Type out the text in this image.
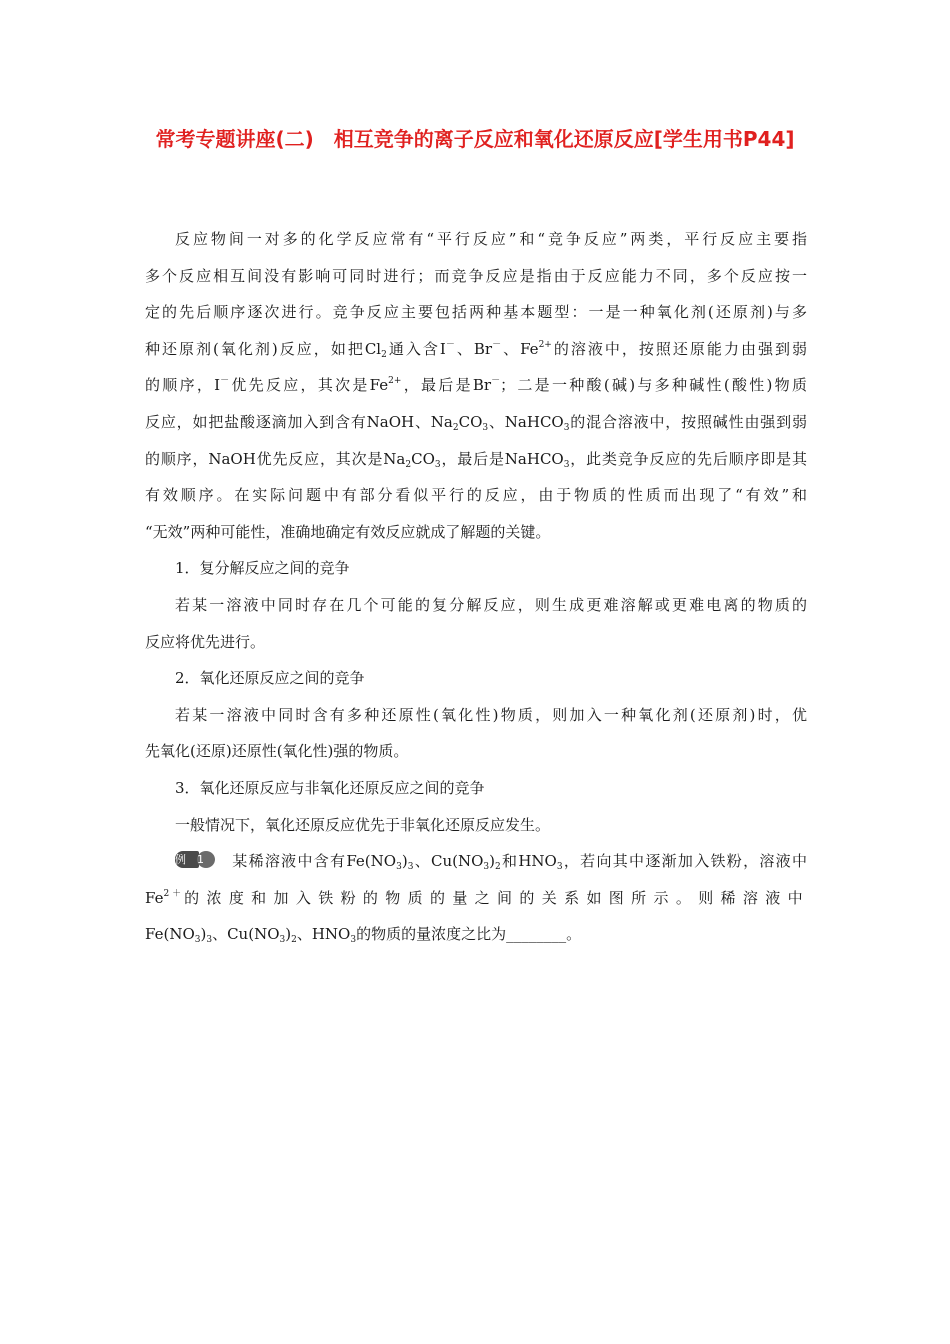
常考专题讲座(二)　相互竞争的离子反应和氧化还原反应[学生用书P44]

反应物间一对多的化学反应常有“平行反应”和“竞争反应”两类，平行反应主要指

多个反应相互间没有影响可同时进行；而竞争反应是指由于反应能力不同，多个反应按一

定的先后顺序逐次进行。竞争反应主要包括两种基本题型：一是一种氧化剂(还原剂)与多

种还原剂(氧化剂)反应，如把$Cl_2$通入含I－、Br－、$Fe^{2+}$的溶液中，按照还原能力由强到弱

的顺序，I－优先反应，其次是$Fe^{2+}$，最后是Br－；二是一种酸(碱)与多种碱性(酸性)物质

反应，如把盐酸逐滴加入到含有NaOH、$Na_2CO_3$、NaHCO$_3$的混合溶液中，按照碱性由强到弱

的顺序，NaOH优先反应，其次是$Na_2CO_3$，最后是NaHCO$_3$，此类竞争反应的先后顺序即是其

有效顺序。在实际问题中有部分看似平行的反应，由于物质的性质而出现了“有效”和

“无效”两种可能性，准确地确定有效反应就成了解题的关键。

1．复分解反应之间的竞争

若某一溶液中同时存在几个可能的复分解反应，则生成更难溶解或更难电离的物质的

反应将优先进行。

2．氧化还原反应之间的竞争

若某一溶液中同时含有多种还原性(氧化性)物质，则加入一种氧化剂(还原剂)时，优

先氧化(还原)还原性(氧化性)强的物质。

3．氧化还原反应与非氧化还原反应之间的竞争

一般情况下，氧化还原反应优先于非氧化还原反应发生。

例	1	某稀溶液中含有$Fe(NO_3)_3$、$Cu(NO_3)_2$和$HNO_3$，若向其中逐渐加入铁粉，溶液中

$Fe^{2+}$的浓度和加入铁粉的物质的量之间的关系如图所示。则稀溶液中

$Fe(NO_3)_3$、$Cu(NO_3)_2$、$HNO_3$的物质的量浓度之比为________。
